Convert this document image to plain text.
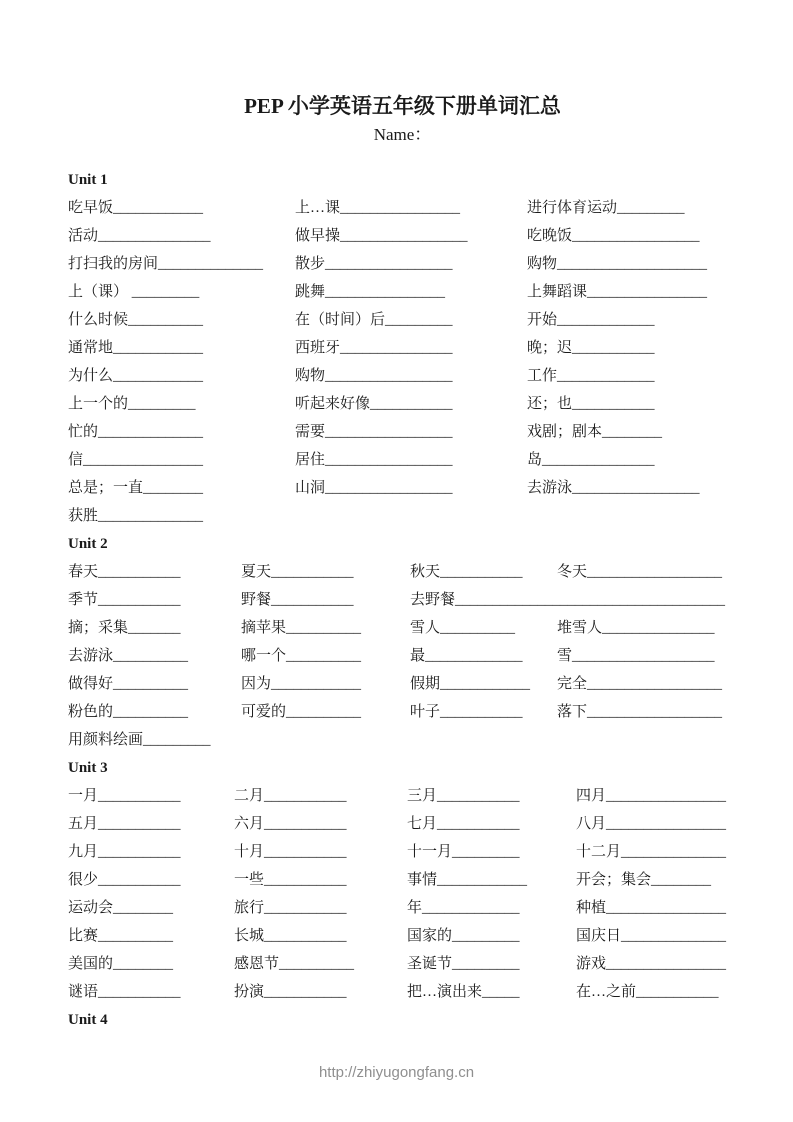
PEP 小学英语五年级下册单词汇总
Name：
Unit 1
吃早饭____________	上…课________________	进行体育运动_________
活动_______________	做早操_________________	吃晚饭_________________
打扫我的房间______________	散步_________________	购物____________________
上（课） _________	跳舞________________	上舞蹈课________________
什么时候__________	在（时间）后_________	开始_____________
通常地____________	西班牙_______________	晚；迟___________
为什么____________	购物_________________	工作_____________
上一个的_________	听起来好像___________	还；也___________
忙的______________	需要_________________	戏剧；剧本________
信________________	居住_________________	岛_______________
总是；一直________	山洞_________________	去游泳_________________
获胜______________
Unit 2
春天___________	夏天___________	秋天___________	冬天__________________
季节___________	野餐___________	去野餐____________________________________
摘；采集_______	摘苹果__________	雪人__________	堆雪人_______________
去游泳__________	哪一个__________	最_____________	雪___________________
做得好__________	因为____________	假期____________	完全__________________
粉色的__________	可爱的__________	叶子___________	落下__________________
用颜料绘画_________
Unit 3
一月___________	二月___________	三月___________	四月________________
五月___________	六月___________	七月___________	八月________________
九月___________	十月___________	十一月_________	十二月______________
很少___________	一些___________	事情____________	开会；集会________
运动会________	旅行___________	年_____________	种植________________
比赛__________	长城___________	国家的_________	国庆日______________
美国的________	感恩节__________	圣诞节_________	游戏________________
谜语___________	扮演___________	把…演出来_____	在…之前___________
Unit 4
http://zhiyugongfang.cn
